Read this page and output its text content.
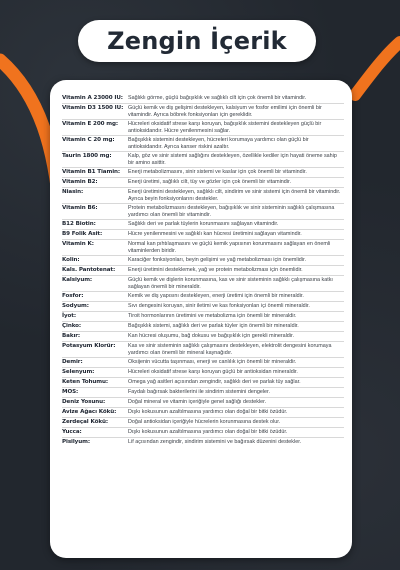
Zengin İçerik
Vitamin A 23000 IU: Sağlıklı görme, güçlü bağışıklık ve sağlıklı cilt için çok önemli bir vitamindir.
Vitamin D3 1500 IU: Güçlü kemik ve diş gelişimi destekleyen, kalsiyum ve fosfor emilimi için önemli bir vitamindir. Ayrıca böbrek fonksiyonları için gereklidir.
Vitamin E 200 mg:	Hücreleri oksidatif strese karşı koruyan, bağışıklık sistemini destekleyen güçlü bir antioksidandır. Hücre yenilenmesini sağlar.
Vitamin C 20 mg:	Bağışıklık sistemini destekleyen, hücreleri korumaya yardımcı olan güçlü bir antioksidandır. Ayrıca kanser riskini azaltır.
Taurin 1800 mg:	Kalp, göz ve sinir sistemi sağlığını destekleyen, özellikle kediler için hayati öneme sahip bir amino asittir.
Vitamin B1 Tiamin:	Enerji metabolizmasını, sinir sistemi ve kaslar için çok önemli bir vitamindir.
Vitamin B2:	Enerji üretimi, sağlıklı cilt, tüy ve gözler için çok önemli bir vitamindir.
Niasin:	Enerji üretimini destekleyen, sağlıklı cilt, sindirim ve sinir sistemi için önemli bir vitamindir. Ayrıca beyin fonksiyonlarını destekler.
Vitamin B6:	Protein metabolizmasını destekleyen, bağışıklık ve sinir sisteminin sağlıklı çalışmasına yardımcı olan önemli bir vitamindir.
B12 Biotin:	Sağlıklı deri ve parlak tüylerin korunmasını sağlayan vitamindir.
B9 Folik Asit:	Hücre yenilenmesini ve sağlıklı kan hücresi üretimini sağlayan vitamindir.
Vitamin K:	Normal kan pıhtılaşmasını ve güçlü kemik yapısının korunmasını sağlayan en önemli vitaminlerden biridir.
Kolin:	Karaciğer fonksiyonları, beyin gelişimi ve yağ metabolizması için önemlidir.
Kals. Pantotenat:	Enerji üretimini desteklemek, yağ ve protein metabolizması için önemlidir.
Kalsiyum:	Güçlü kemik ve dişlerin korunmasına, kas ve sinir sisteminin sağlıklı çalışmasına katkı sağlayan önemli bir mineraldir.
Fosfor:	Kemik ve diş yapısını destekleyen, enerji üretimi için önemli bir mineraldir.
Sodyum:	Sıvı dengesini koruyan, sinir iletimi ve kas fonksiyonları içi önemli mineraldir.
İyot:	Tiroit hormonlarının üretimini ve metabolizma için önemli bir mineraldir.
Çinko:	Bağışıklık sistemi, sağlıklı deri ve parlak tüyler için önemli bir mineraldir.
Bakır:	Kan hücresi oluşumu, bağ dokusu ve bağışıklık için gerekli mineraldir.
Potasyum Klorür:	Kas ve sinir sisteminin sağlıklı çalışmasını destekleyen, elektrolit dengesini korumaya yardımcı olan önemli bir mineral kaynağıdır.
Demir:	Oksijenin vücutta taşınması, enerji ve canlılık için önemli bir mineraldir.
Selenyum:	Hücreleri oksidatif strese karşı koruyan güçlü bir antioksidan mineraldir.
Keten Tohumu:	Omega yağ asitleri açısından zengindir, sağlıklı deri ve parlak tüy sağlar.
MOS:	Faydalı bağırsak bakterilerini ile sindirim sistemini dengeler.
Deniz Yosunu:	Doğal mineral ve vitamin içeriğiyle genel sağlığı destekler.
Avize Ağacı Kökü:	Dışkı kokusunun azaltılmasına yardımcı olan doğal bir bitki özüdür.
Zerdeçal Kökü:	Doğal antioksidan içeriğiyle hücrelerin korunmasına destek olur.
Yucca:	Dışkı kokusunun azaltılmasına yardımcı olan doğal bir bitki özüdür.
Pisilyum:	Lif açısından zengindir, sindirim sistemini ve bağırsak düzenini destekler.
